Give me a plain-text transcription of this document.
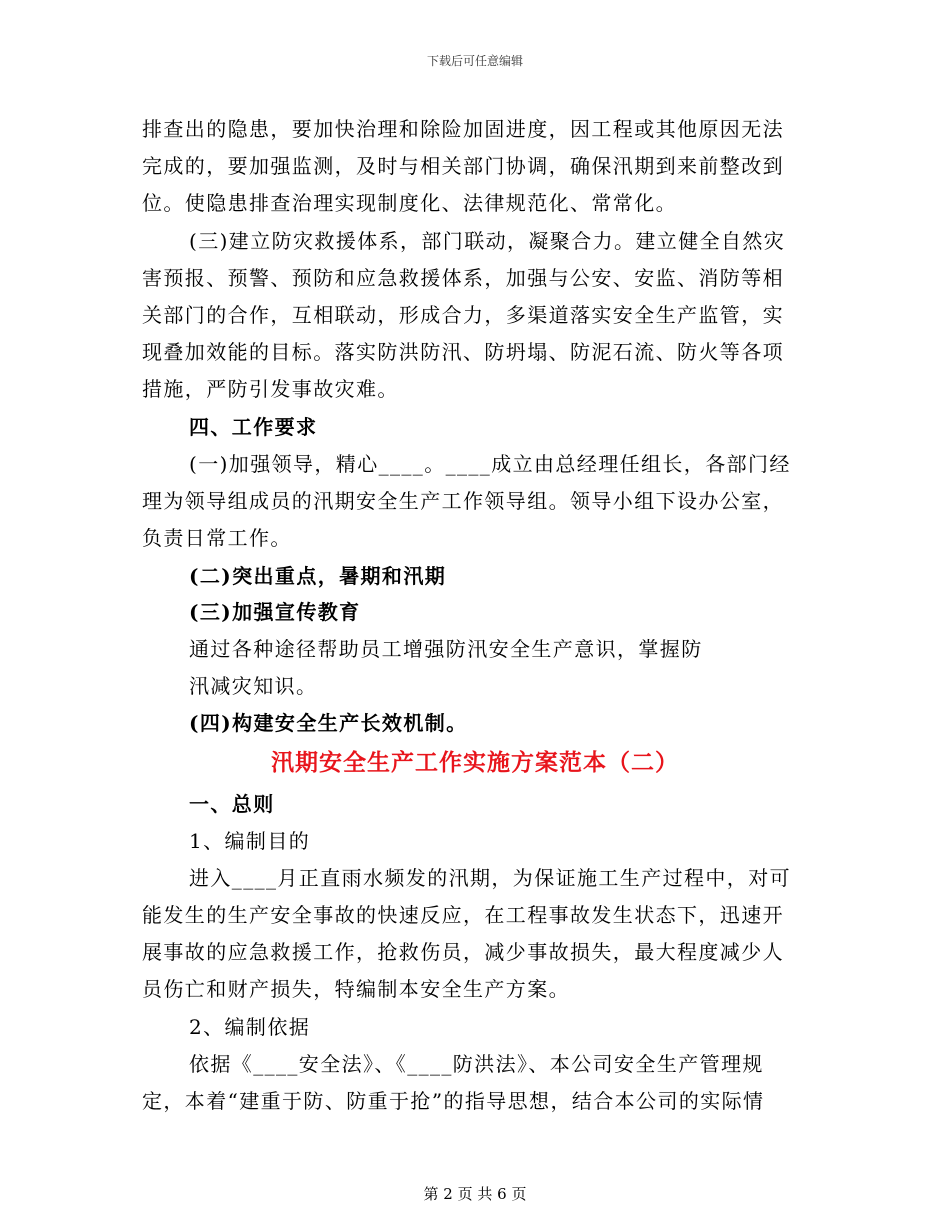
下载后可任意编辑
排查出的隐患，要加快治理和除险加固进度，因工程或其他原因无法
完成的，要加强监测，及时与相关部门协调，确保汛期到来前整改到
位。使隐患排查治理实现制度化、法律规范化、常常化。
(三)建立防灾救援体系，部门联动，凝聚合力。建立健全自然灾
害预报、预警、预防和应急救援体系，加强与公安、安监、消防等相
关部门的合作，互相联动，形成合力，多渠道落实安全生产监管，实
现叠加效能的目标。落实防洪防汛、防坍塌、防泥石流、防火等各项
措施，严防引发事故灾难。
四、工作要求
(一)加强领导，精心____。____成立由总经理任组长，各部门经
理为领导组成员的汛期安全生产工作领导组。领导小组下设办公室，
负责日常工作。
(二)突出重点，暑期和汛期
(三)加强宣传教育
通过各种途径帮助员工增强防汛安全生产意识，掌握防
汛减灾知识。
(四)构建安全生产长效机制。
汛期安全生产工作实施方案范本（二）
一、总则
1、编制目的
进入____月正直雨水频发的汛期，为保证施工生产过程中，对可
能发生的生产安全事故的快速反应，在工程事故发生状态下，迅速开
展事故的应急救援工作，抢救伤员，减少事故损失，最大程度减少人
员伤亡和财产损失，特编制本安全生产方案。
2、编制依据
依据《____安全法》、《____防洪法》、本公司安全生产管理规
定，本着“建重于防、防重于抢”的指导思想，结合本公司的实际情
第 2 页 共 6 页
